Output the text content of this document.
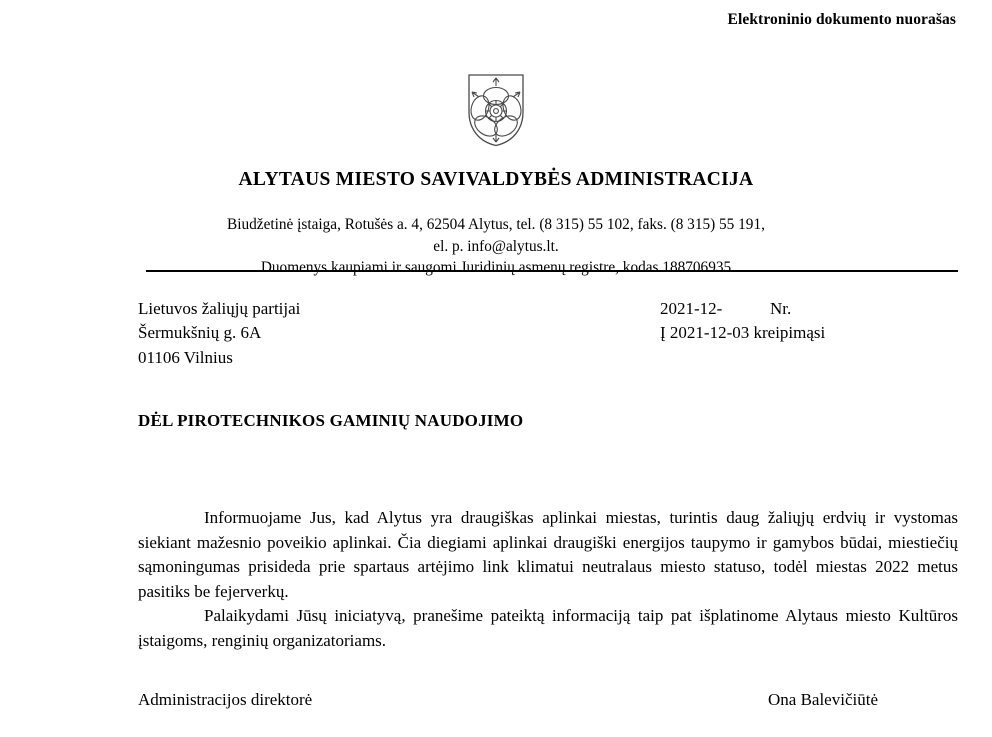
Elektroninio dokumento nuorašas
ALYTAUS MIESTO SAVIVALDYBĖS ADMINISTRACIJA
Biudžetinė įstaiga, Rotušės a. 4, 62504 Alytus, tel. (8 315) 55 102, faks. (8 315) 55 191,
el. p. info@alytus.lt.
Duomenys kaupiami ir saugomi Juridinių asmenų registre, kodas 188706935
Lietuvos žaliųjų partijai
Šermukšnių g. 6A
01106 Vilnius
2021-12-	Nr.
Į 2021-12-03 kreipimąsi
DĖL PIROTECHNIKOS GAMINIŲ NAUDOJIMO

Informuojame Jus, kad Alytus yra draugiškas aplinkai miestas, turintis daug žaliųjų erdvių ir vystomas siekiant mažesnio poveikio aplinkai. Čia diegiami aplinkai draugiški energijos taupymo ir gamybos būdai, miestiečių sąmoningumas prisideda prie spartaus artėjimo link klimatui neutralaus miesto statuso, todėl miestas 2022 metus pasitiks be fejerverkų.

Palaikydami Jūsų iniciatyvą, pranešime pateiktą informaciją taip pat išplatinome Alytaus miesto Kultūros įstaigoms, renginių organizatoriams.

Administracijos direktorė	Ona Balevičiūtė
